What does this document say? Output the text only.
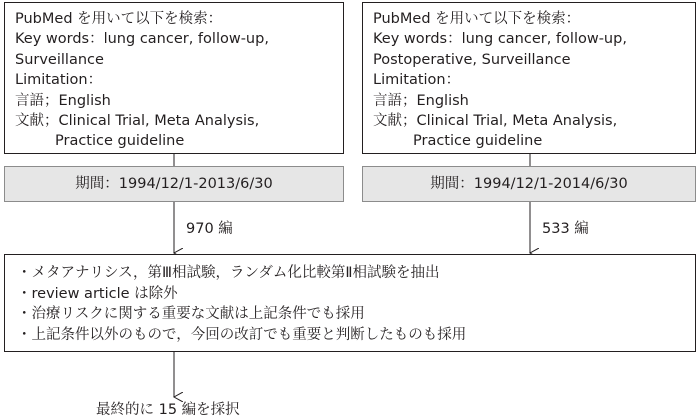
PubMed を用いて以下を検索：
Key words：lung cancer, follow-up,
Surveillance
Limitation：
言語；English
文献；Clinical Trial, Meta Analysis,
Practice guideline
PubMed を用いて以下を検索：
Key words：lung cancer, follow-up,
Postoperative, Surveillance
Limitation：
言語；English
文献；Clinical Trial, Meta Analysis,
Practice guideline
期間：1994/12/1-2013/6/30	期間：1994/12/1-2014/6/30
970 編	533 編
・メタアナリシス，第Ⅲ相試験，ランダム化比較第Ⅱ相試験を抽出
・review article は除外
・治療リスクに関する重要な文献は上記条件でも採用
・上記条件以外のもので，今回の改訂でも重要と判断したものも採用
最終的に 15 編を採択
